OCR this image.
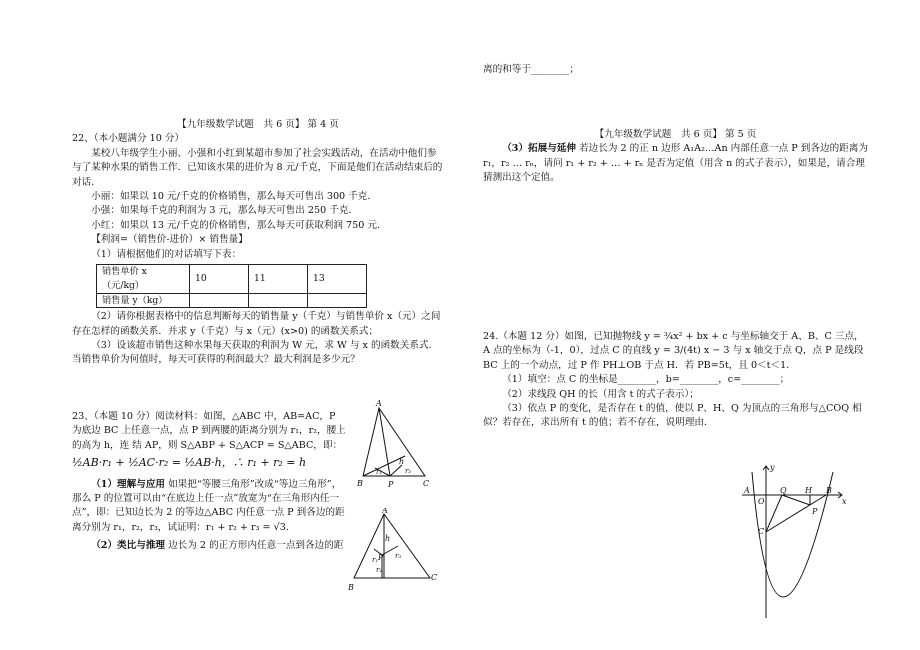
离的和等于________；

【九年级数学试题　共 6 页】 第 4 页

22、（本小题满分 10 分）

某校八年级学生小丽、小强和小红到某超市参加了社会实践活动，在活动中他们参与了某种水果的销售工作．已知该水果的进价为 8 元/千克，下面是他们在活动结束后的对话．

小丽：如果以 10 元/千克的价格销售，那么每天可售出 300 千克．

小强：如果每千克的利润为 3 元，那么每天可售出 250 千克．

小红：如果以 13 元/千克的价格销售，那么每天可获取利润 750 元．

【利润=（销售价-进价）× 销售量】

（1）请根据他们的对话填写下表：

销售单价 x（元/kg）	10	11	13
销售量 y（kg）			

（2）请你根据表格中的信息判断每天的销售量 y（千克）与销售单价 x（元）之间存在怎样的函数关系．并求 y（千克）与 x（元）(x>0) 的函数关系式；

（3）设该超市销售这种水果每天获取的利润为 W 元，求 W 与 x 的函数关系式．当销售单价为何值时，每天可获得的利润最大？最大利润是多少元？

23、（本题 10 分）阅读材料：如图，△ABC 中，AB=AC，P 为底边 BC 上任意一点，点 P 到两腰的距离分别为 r₁，r₂，腰上的高为 h，连 结 AP，则 S△ABP + S△ACP = S△ABC，即：

½AB·r₁ + ½AC·r₂ = ½AB·h，∴ r₁ + r₂ = h

（1）理解与应用 如果把“等腰三角形”改成“等边三角形”，那么 P 的位置可以由“在底边上任一点”放宽为“在三角形内任一点”，即：已知边长为 2 的等边△ABC 内任意一点 P 到各边的距离分别为 r₁，r₂，r₃，试证明：r₁ + r₂ + r₃ = √3．

（2）类比与推理 边长为 2 的正方形内任意一点到各边的距

A
B	C
P
h
r₁	r₂
A
B
C
P
h
r₁
r₂
r₃

【九年级数学试题　共 6 页】 第 5 页

（3）拓展与延伸 若边长为 2 的正 n 边形 A₁A₂…An 内部任意一点 P 到各边的距离为 r₁，r₂ … rₙ，请问 r₁ + r₂ + … + rₙ 是否为定值（用含 n 的式子表示），如果是，请合理猜测出这个定值。

24.（本题 12 分）如图，已知抛物线 y = ¾x² + bx + c 与坐标轴交于 A、B、C 三点，A 点的坐标为（-1，0），过点 C 的直线 y = 3/(4t) x − 3 与 x 轴交于点 Q，点 P 是线段 BC 上的一个动点，过 P 作 PH⊥OB 于点 H．若 PB=5t，且 0＜t＜1．

（1）填空：点 C 的坐标是________，b=________，c=________；

（2）求线段 QH 的长（用含 t 的式子表示）；

（3）依点 P 的变化，是否存在 t 的值，使以 P、H、Q 为顶点的三角形与△COQ 相似？若存在，求出所有 t 的值；若不存在，说明理由．

A
O
Q H B
x
y
P
C
